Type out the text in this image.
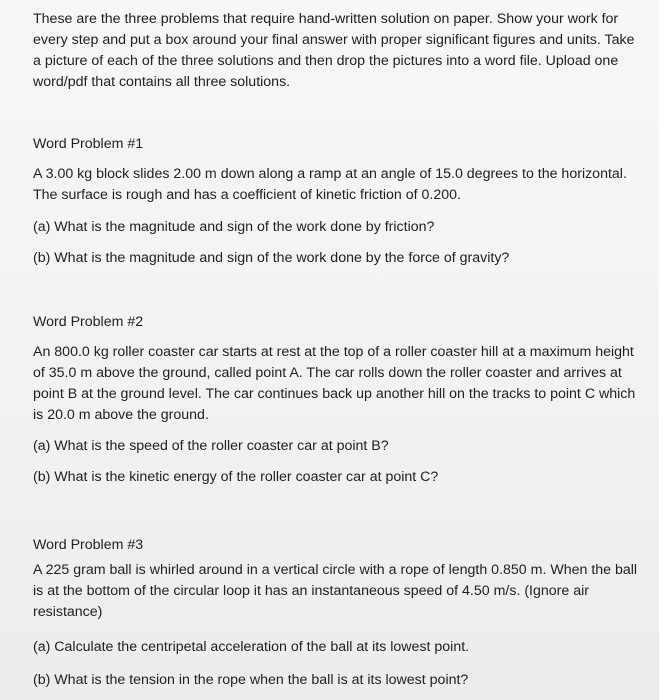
These are the three problems that require hand-written solution on paper. Show your work for every step and put a box around your final answer with proper significant figures and units. Take a picture of each of the three solutions and then drop the pictures into a word file. Upload one word/pdf that contains all three solutions.

Word Problem #1

A 3.00 kg block slides 2.00 m down along a ramp at an angle of 15.0 degrees to the horizontal. The surface is rough and has a coefficient of kinetic friction of 0.200.

(a) What is the magnitude and sign of the work done by friction?
(b) What is the magnitude and sign of the work done by the force of gravity?
Word Problem #2

An 800.0 kg roller coaster car starts at rest at the top of a roller coaster hill at a maximum height of 35.0 m above the ground, called point A. The car rolls down the roller coaster and arrives at point B at the ground level. The car continues back up another hill on the tracks to point C which is 20.0 m above the ground.

(a) What is the speed of the roller coaster car at point B?
(b) What is the kinetic energy of the roller coaster car at point C?
Word Problem #3

A 225 gram ball is whirled around in a vertical circle with a rope of length 0.850 m. When the ball is at the bottom of the circular loop it has an instantaneous speed of 4.50 m/s. (Ignore air resistance)

(a) Calculate the centripetal acceleration of the ball at its lowest point.
(b) What is the tension in the rope when the ball is at its lowest point?
